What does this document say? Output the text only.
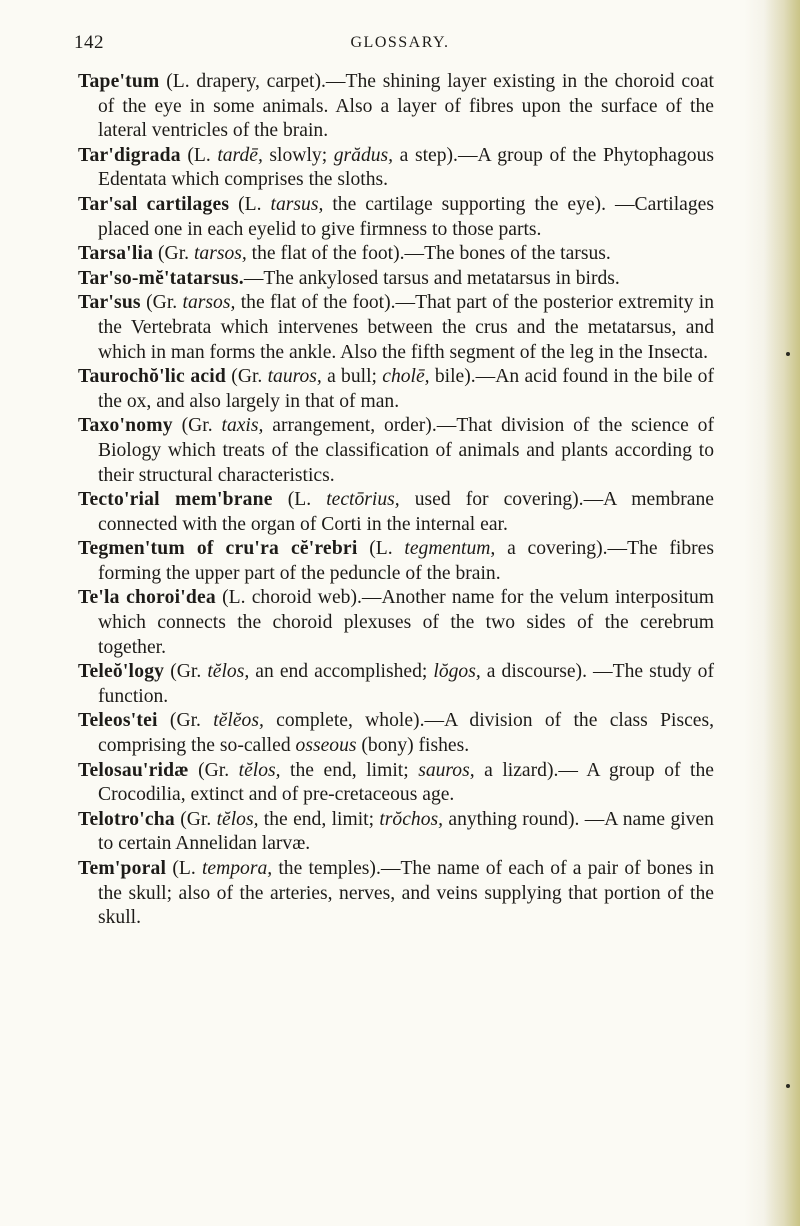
142	GLOSSARY.

Tape'tum (L. drapery, carpet).—The shining layer existing in the choroid coat of the eye in some animals. Also a layer of fibres upon the surface of the lateral ventricles of the brain.

Tar'digrada (L. tardē, slowly; grădus, a step).—A group of the Phytophagous Edentata which comprises the sloths.

Tar'sal cartilages (L. tarsus, the cartilage supporting the eye). —Cartilages placed one in each eyelid to give firmness to those parts.

Tarsa'lia (Gr. tarsos, the flat of the foot).—The bones of the tarsus.

Tar'so-mĕ'tatarsus.—The ankylosed tarsus and metatarsus in birds.

Tar'sus (Gr. tarsos, the flat of the foot).—That part of the posterior extremity in the Vertebrata which intervenes between the crus and the metatarsus, and which in man forms the ankle. Also the fifth segment of the leg in the Insecta.

Taurochŏ'lic acid (Gr. tauros, a bull; cholē, bile).—An acid found in the bile of the ox, and also largely in that of man.

Taxo'nomy (Gr. taxis, arrangement, order).—That division of the science of Biology which treats of the classification of animals and plants according to their structural characteristics.

Tecto'rial mem'brane (L. tectōrius, used for covering).—A membrane connected with the organ of Corti in the internal ear.

Tegmen'tum of cru'ra cĕ'rebri (L. tegmentum, a covering).—The fibres forming the upper part of the peduncle of the brain.

Te'la choroi'dea (L. choroid web).—Another name for the velum interpositum which connects the choroid plexuses of the two sides of the cerebrum together.

Teleŏ'logy (Gr. tĕlos, an end accomplished; lŏgos, a discourse). —The study of function.

Teleos'tei (Gr. tĕlĕos, complete, whole).—A division of the class Pisces, comprising the so-called osseous (bony) fishes.

Telosau'ridæ (Gr. tĕlos, the end, limit; sauros, a lizard).— A group of the Crocodilia, extinct and of pre-cretaceous age.

Telotro'cha (Gr. tĕlos, the end, limit; trŏchos, anything round). —A name given to certain Annelidan larvæ.

Tem'poral (L. tempora, the temples).—The name of each of a pair of bones in the skull; also of the arteries, nerves, and veins supplying that portion of the skull.
